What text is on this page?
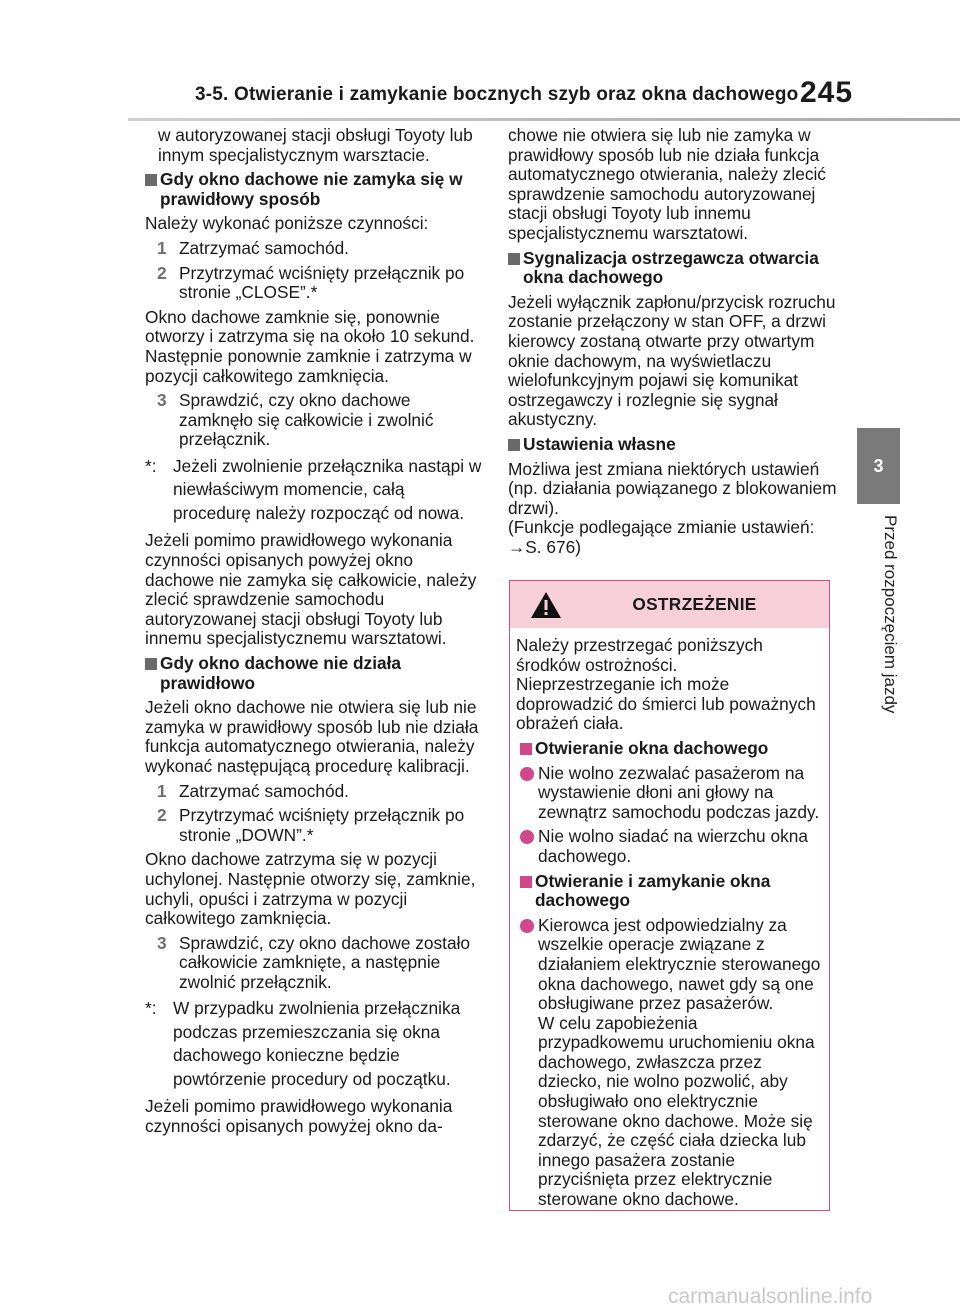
3-5. Otwieranie i zamykanie bocznych szyb oraz okna dachowego 245
3
Przed rozpoczęciem jazdy

w autoryzowanej stacji obsługi Toyoty lub innym specjalistycznym warsztacie.

Gdy okno dachowe nie zamyka się w prawidłowy sposób

Należy wykonać poniższe czynności:

1 Zatrzymać samochód.
2 Przytrzymać wciśnięty przełącznik po stronie „CLOSE”.*

Okno dachowe zamknie się, ponownie otworzy i zatrzyma się na około 10 sekund. Następnie ponownie zamknie i zatrzyma w pozycji całkowitego zamknięcia.

3 Sprawdzić, czy okno dachowe zamknęło się całkowicie i zwolnić przełącznik.
*: Jeżeli zwolnienie przełącznika nastąpi w niewłaściwym momencie, całą procedurę należy rozpocząć od nowa.

Jeżeli pomimo prawidłowego wykonania czynności opisanych powyżej okno dachowe nie zamyka się całkowicie, należy zlecić sprawdzenie samochodu autoryzowanej stacji obsługi Toyoty lub innemu specjalistycznemu warsztatowi.

Gdy okno dachowe nie działa prawidłowo

Jeżeli okno dachowe nie otwiera się lub nie zamyka w prawidłowy sposób lub nie działa funkcja automatycznego otwierania, należy wykonać następującą procedurę kalibracji.

1 Zatrzymać samochód.
2 Przytrzymać wciśnięty przełącznik po stronie „DOWN”.*

Okno dachowe zatrzyma się w pozycji uchylonej. Następnie otworzy się, zamknie, uchyli, opuści i zatrzyma w pozycji całkowitego zamknięcia.

3 Sprawdzić, czy okno dachowe zostało całkowicie zamknięte, a następnie zwolnić przełącznik.
*: W przypadku zwolnienia przełącznika podczas przemieszczania się okna dachowego konieczne będzie powtórzenie procedury od początku.

Jeżeli pomimo prawidłowego wykonania czynności opisanych powyżej okno da-

chowe nie otwiera się lub nie zamyka w prawidłowy sposób lub nie działa funkcja automatycznego otwierania, należy zlecić sprawdzenie samochodu autoryzowanej stacji obsługi Toyoty lub innemu specjalistycznemu warsztatowi.

Sygnalizacja ostrzegawcza otwarcia okna dachowego

Jeżeli wyłącznik zapłonu/przycisk rozruchu zostanie przełączony w stan OFF, a drzwi kierowcy zostaną otwarte przy otwartym oknie dachowym, na wyświetlaczu wielofunkcyjnym pojawi się komunikat ostrzegawczy i rozlegnie się sygnał akustyczny.

Ustawienia własne

Możliwa jest zmiana niektórych ustawień (np. działania powiązanego z blokowaniem drzwi).

(Funkcje podlegające zmianie ustawień:

→S. 676)

OSTRZEŻENIE

Należy przestrzegać poniższych środków ostrożności.

Nieprzestrzeganie ich może doprowadzić do śmierci lub poważnych obrażeń ciała.

Otwieranie okna dachowego
Nie wolno zezwalać pasażerom na wystawienie dłoni ani głowy na zewnątrz samochodu podczas jazdy.
Nie wolno siadać na wierzchu okna dachowego.
Otwieranie i zamykanie okna dachowego
Kierowca jest odpowiedzialny za wszelkie operacje związane z działaniem elektrycznie sterowanego okna dachowego, nawet gdy są one obsługiwane przez pasażerów.
W celu zapobieżenia przypadkowemu uruchomieniu okna dachowego, zwłaszcza przez dziecko, nie wolno pozwolić, aby obsługiwało ono elektrycznie sterowane okno dachowe. Może się zdarzyć, że część ciała dziecka lub innego pasażera zostanie przyciśnięta przez elektrycznie sterowane okno dachowe.
carmanualsonline.info
